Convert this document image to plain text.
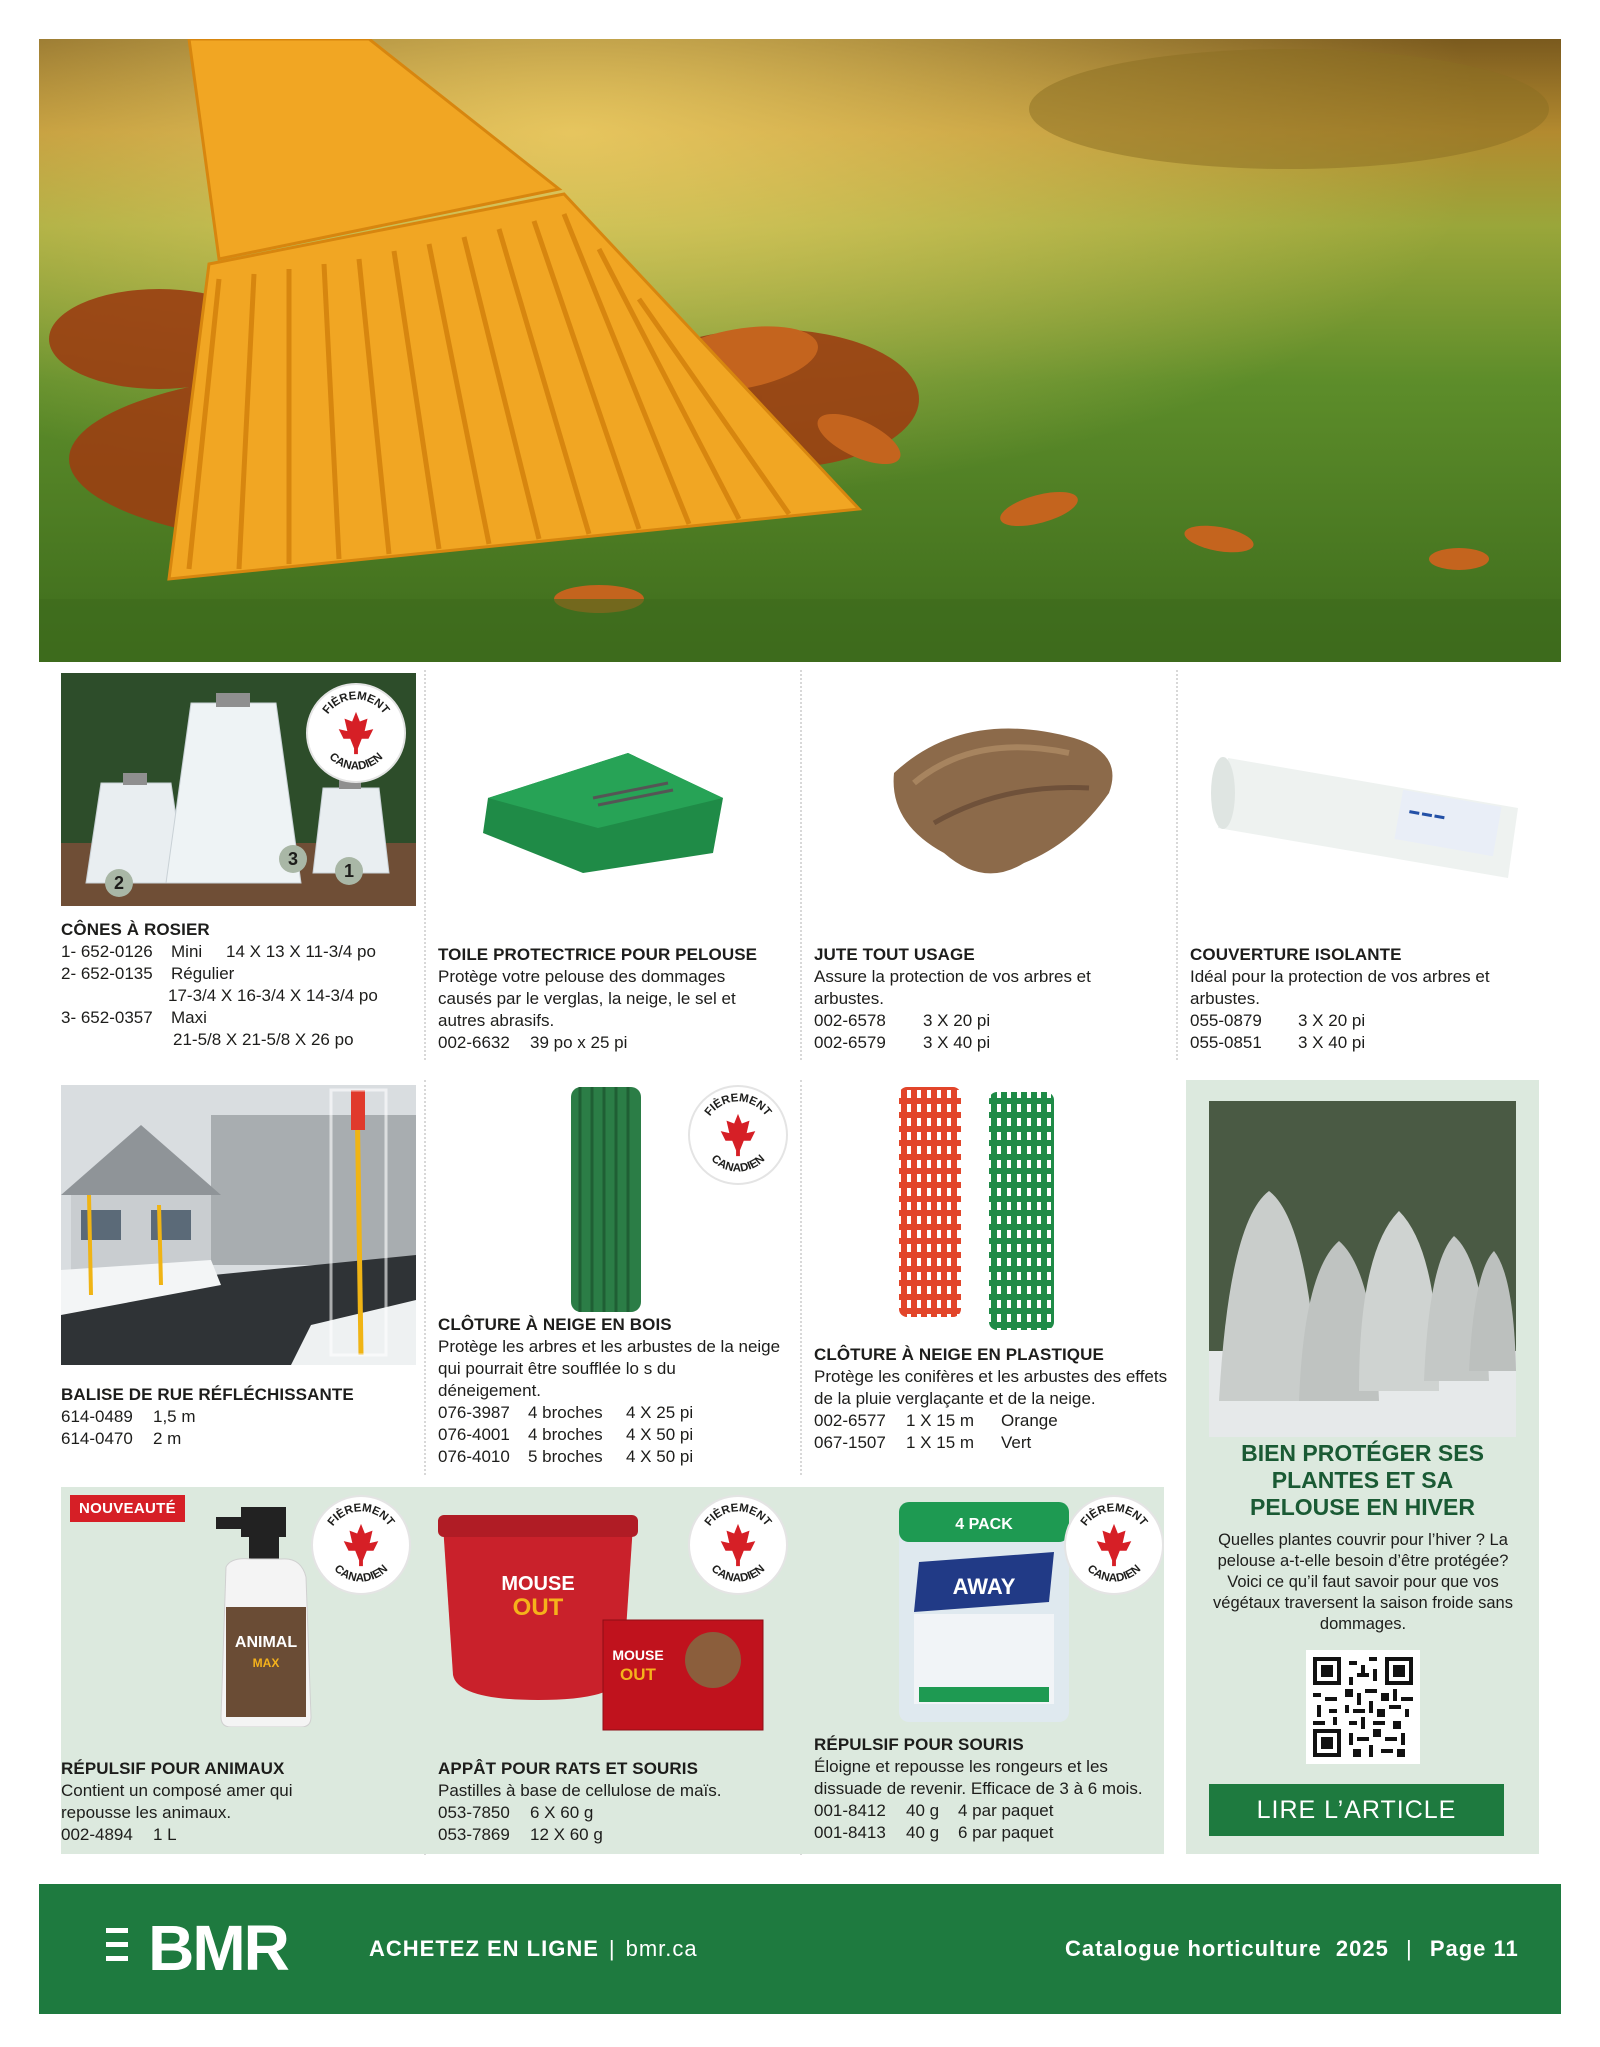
2
3
1
FIÈREMENT
CANADIEN
CÔNES À ROSIER
1- 652-0126 Mini 14 X 13 X 11-3/4 po
2- 652-0135 Régulier
17-3/4 X 16-3/4 X 14-3/4 po
3- 652-0357 Maxi
21-5/8 X 21-5/8 X 26 po
TOILE PROTECTRICE POUR PELOUSE
Protège votre pelouse des dommages causés par le verglas, la neige, le sel et autres abrasifs.
002-6632 39 po x 25 pi
JUTE TOUT USAGE
Assure la protection de vos arbres et arbustes.
002-6578 3 X 20 pi
002-6579 3 X 40 pi
▬ ▬ ▬
COUVERTURE ISOLANTE
Idéal pour la protection de vos arbres et arbustes.
055-0879 3 X 20 pi
055-0851 3 X 40 pi
BALISE DE RUE RÉFLÉCHISSANTE
614-0489 1,5 m
614-0470 2 m
FIÈREMENT
CANADIEN
CLÔTURE À NEIGE EN BOIS
Protège les arbres et les arbustes de la neige qui pourrait être soufflée lo s du déneigement.
076-3987 4 broches 4 X 25 pi
076-4001 4 broches 4 X 50 pi
076-4010 5 broches 4 X 50 pi
CLÔTURE À NEIGE EN PLASTIQUE
Protège les conifères et les arbustes des effets de la pluie verglaçante et de la neige.
002-6577 1 X 15 m Orange
067-1507 1 X 15 m Vert	BIEN PROTÉGER SES PLANTES ET SA PELOUSE EN HIVER
Quelles plantes couvrir pour l’hiver ? La pelouse a-t-elle besoin d’être protégée? Voici ce qu’il faut savoir pour que vos végétaux traversent la saison froide sans dommages.
LIRE L’ARTICLE
NOUVEAUTÉ
ANIMAL
MAX
FIÈREMENT
CANADIEN
RÉPULSIF POUR ANIMAUX
Contient un composé amer qui repousse les animaux.
002-4894 1 L
MOUSE
OUT
MOUSE
OUT
FIÈREMENT
CANADIEN
APPÂT POUR RATS ET SOURIS
Pastilles à base de cellulose de maïs.
053-7850 6 X 60 g
053-7869 12 X 60 g
4 PACK
AWAY
FIÈREMENT
CANADIEN
RÉPULSIF POUR SOURIS
Éloigne et repousse les rongeurs et les dissuade de revenir. Efficace de 3 à 6 mois.
001-8412 40 g 4 par paquet
001-8413 40 g 6 par paquet
BMR	ACHETEZ EN LIGNE | bmr.ca	Catalogue horticulture 2025 | Page 11
